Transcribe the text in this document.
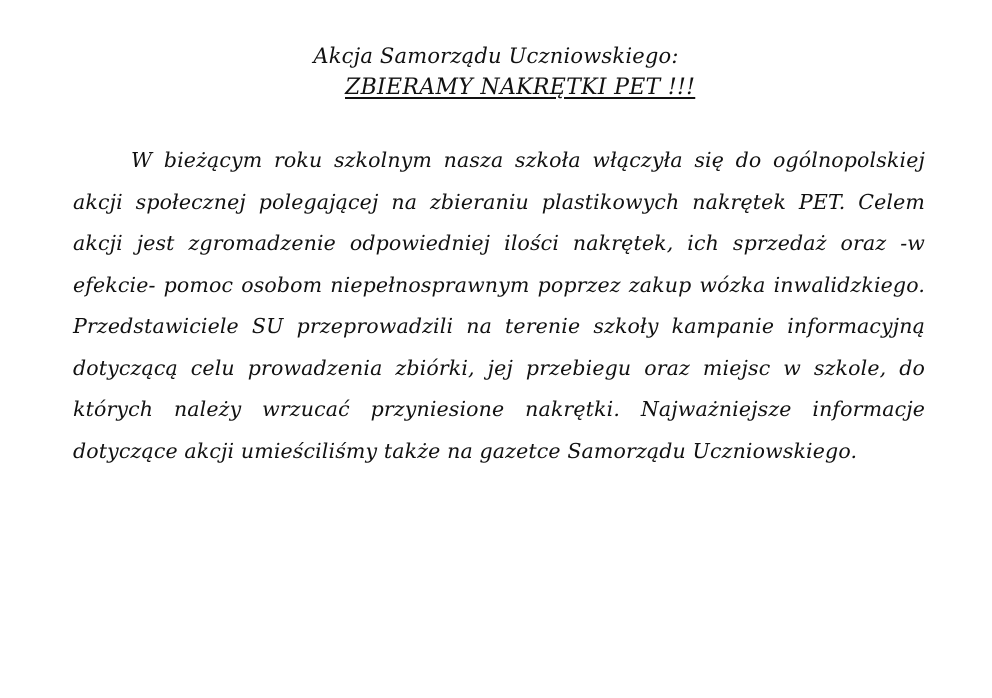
Akcja Samorządu Uczniowskiego:
ZBIERAMY NAKRĘTKI PET !!!

W bieżącym roku szkolnym nasza szkoła włączyła się do ogólnopolskiej akcji społecznej polegającej na zbieraniu plastikowych nakrętek PET. Celem akcji jest zgromadzenie odpowiedniej ilości nakrętek, ich sprzedaż oraz -w efekcie- pomoc osobom niepełnosprawnym poprzez zakup wózka inwalidzkiego. Przedstawiciele SU przeprowadzili na terenie szkoły kampanie informacyjną dotyczącą celu prowadzenia zbiórki, jej przebiegu oraz miejsc w szkole, do których należy wrzucać przyniesione nakrętki. Najważniejsze informacje dotyczące akcji umieściliśmy także na gazetce Samorządu Uczniowskiego.
